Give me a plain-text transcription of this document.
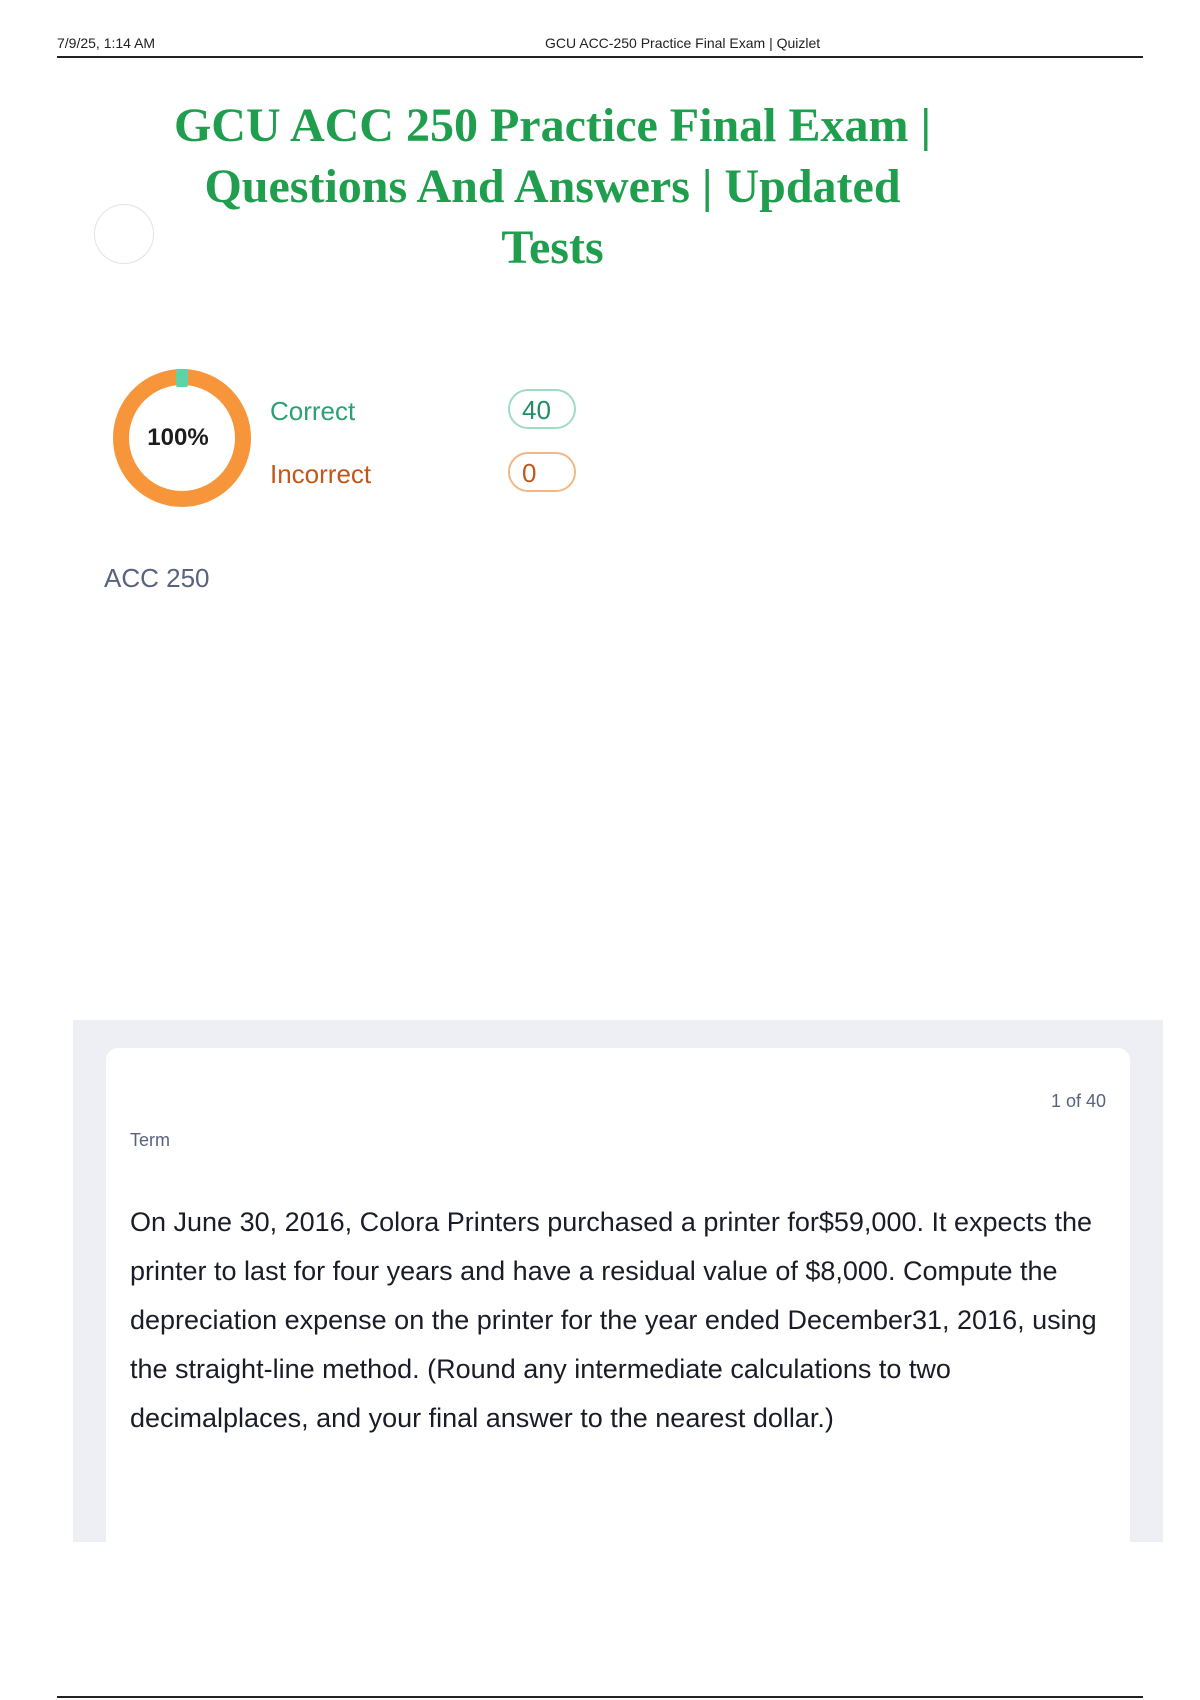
7/9/25, 1:14 AM	GCU ACC-250 Practice Final Exam | Quizlet
GCU ACC 250 Practice Final Exam |
Questions And Answers | Updated
Tests
100%
Correct
Incorrect
40
0
ACC 250
1 of 40
Term

On June 30, 2016, Colora Printers purchased a printer for$59,000. It expects the printer to last for four years and have a residual value of $8,000. Compute the depreciation expense on the printer for the year ended December31, 2016, using the straight-line method. (Round any intermediate calculations to two decimalplaces, and your final answer to the nearest dollar.)
